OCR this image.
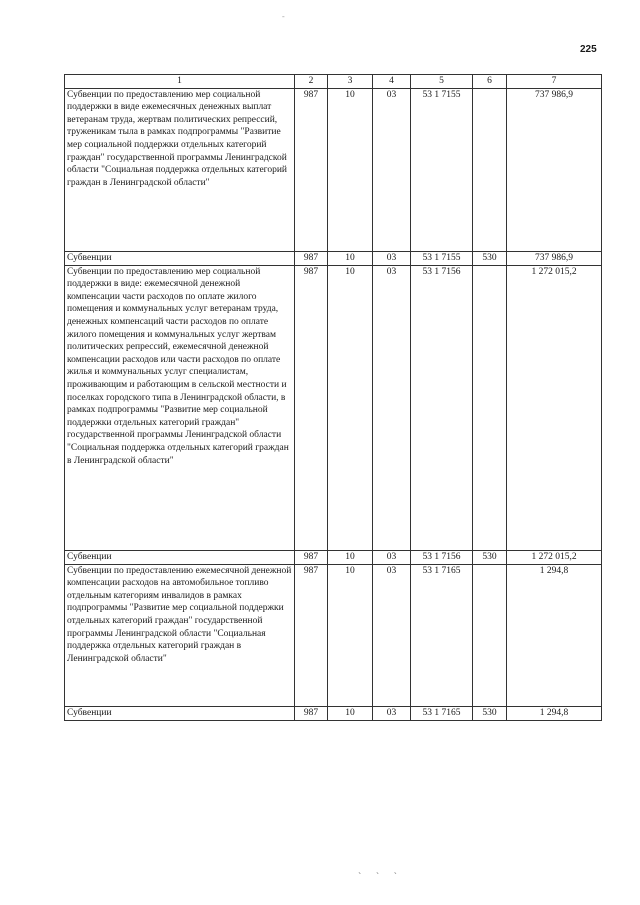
-
225
1	2	3	4	5	6	7
Субвенции по предоставлению мер социальной поддержки в виде ежемесячных денежных выплат ветеранам труда, жертвам политических репрессий, труженикам тыла в рамках подпрограммы "Развитие мер социальной поддержки отдельных категорий граждан" государственной программы Ленинградской области "Социальная поддержка отдельных категорий граждан в Ленинградской области"	987	10	03	53 1 7155		737 986,9
Субвенции	987	10	03	53 1 7155	530	737 986,9
Субвенции по предоставлению мер социальной поддержки в виде: ежемесячной денежной компенсации части расходов по оплате жилого помещения и коммунальных услуг ветеранам труда, денежных компенсаций части расходов по оплате жилого помещения и коммунальных услуг жертвам политических репрессий, ежемесячной денежной компенсации расходов или части расходов по оплате жилья и коммунальных услуг специалистам, проживающим и работающим в сельской местности и поселках городского типа в Ленинградской области, в рамках подпрограммы "Развитие мер социальной поддержки отдельных категорий граждан" государственной программы Ленинградской области "Социальная поддержка отдельных категорий граждан в Ленинградской области"	987	10	03	53 1 7156		1 272 015,2
Субвенции	987	10	03	53 1 7156	530	1 272 015,2
Субвенции по предоставлению ежемесячной денежной компенсации расходов на автомобильное топливо отдельным категориям инвалидов в рамках подпрограммы "Развитие мер социальной поддержки отдельных категорий граждан" государственной программы Ленинградской области "Социальная поддержка отдельных категорий граждан в Ленинградской области"	987	10	03	53 1 7165		1 294,8
Субвенции	987	10	03	53 1 7165	530	1 294,8
` ` `
